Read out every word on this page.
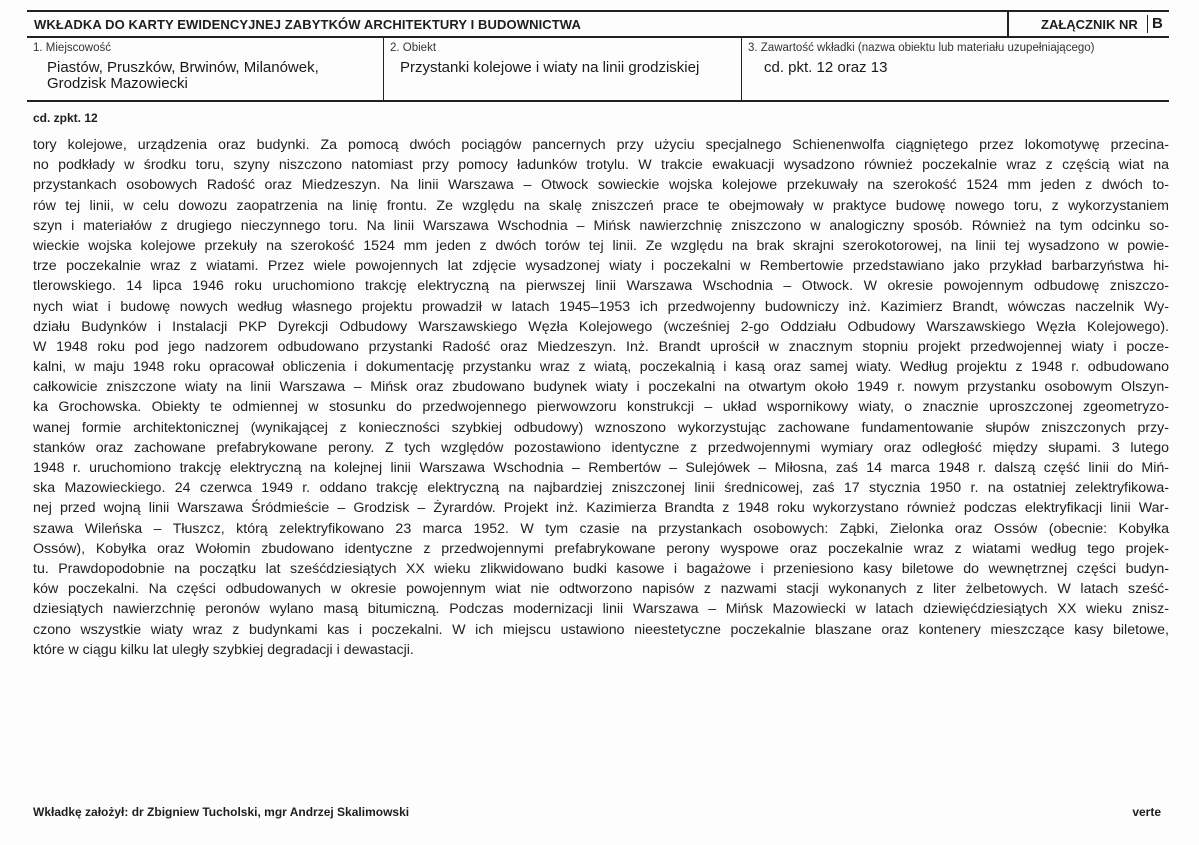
WKŁADKA DO KARTY EWIDENCYJNEJ ZABYTKÓW ARCHITEKTURY I BUDOWNICTWA	ZAŁĄCZNIK NR B
1. Miejscowość
Piastów, Pruszków, Brwinów, Milanówek,
Grodzisk Mazowiecki
2. Obiekt
Przystanki kolejowe i wiaty na linii grodziskiej
3. Zawartość wkładki (nazwa obiektu lub materiału uzupełniającego)
cd. pkt. 12 oraz 13
cd. zpkt. 12
tory kolejowe, urządzenia oraz budynki. Za pomocą dwóch pociągów pancernych przy użyciu specjalnego Schienenwolfa ciągniętego przez lokomotywę przecina-
no podkłady w środku toru, szyny niszczono natomiast przy pomocy ładunków trotylu. W trakcie ewakuacji wysadzono również poczekalnie wraz z częścią wiat na
przystankach osobowych Radość oraz Miedzeszyn. Na linii Warszawa – Otwock sowieckie wojska kolejowe przekuwały na szerokość 1524 mm jeden z dwóch to-
rów tej linii, w celu dowozu zaopatrzenia na linię frontu. Ze względu na skalę zniszczeń prace te obejmowały w praktyce budowę nowego toru, z wykorzystaniem
szyn i materiałów z drugiego nieczynnego toru. Na linii Warszawa Wschodnia – Mińsk nawierzchnię zniszczono w analogiczny sposób. Również na tym odcinku so-
wieckie wojska kolejowe przekuły na szerokość 1524 mm jeden z dwóch torów tej linii. Ze względu na brak skrajni szerokotorowej, na linii tej wysadzono w powie-
trze poczekalnie wraz z wiatami. Przez wiele powojennych lat zdjęcie wysadzonej wiaty i poczekalni w Rembertowie przedstawiano jako przykład barbarzyństwa hi-
tlerowskiego. 14 lipca 1946 roku uruchomiono trakcję elektryczną na pierwszej linii Warszawa Wschodnia – Otwock. W okresie powojennym odbudowę zniszczo-
nych wiat i budowę nowych według własnego projektu prowadził w latach 1945–1953 ich przedwojenny budowniczy inż. Kazimierz Brandt, wówczas naczelnik Wy-
działu Budynków i Instalacji PKP Dyrekcji Odbudowy Warszawskiego Węzła Kolejowego (wcześniej 2-go Oddziału Odbudowy Warszawskiego Węzła Kolejowego).
W 1948 roku pod jego nadzorem odbudowano przystanki Radość oraz Miedzeszyn. Inż. Brandt uprościł w znacznym stopniu projekt przedwojennej wiaty i pocze-
kalni, w maju 1948 roku opracował obliczenia i dokumentację przystanku wraz z wiatą, poczekalnią i kasą oraz samej wiaty. Według projektu z 1948 r. odbudowano
całkowicie zniszczone wiaty na linii Warszawa – Mińsk oraz zbudowano budynek wiaty i poczekalni na otwartym około 1949 r. nowym przystanku osobowym Olszyn-
ka Grochowska. Obiekty te odmiennej w stosunku do przedwojennego pierwowzoru konstrukcji – układ wspornikowy wiaty, o znacznie uproszczonej zgeometryzo-
wanej formie architektonicznej (wynikającej z konieczności szybkiej odbudowy) wznoszono wykorzystując zachowane fundamentowanie słupów zniszczonych przy-
stanków oraz zachowane prefabrykowane perony. Z tych względów pozostawiono identyczne z przedwojennymi wymiary oraz odległość między słupami. 3 lutego
1948 r. uruchomiono trakcję elektryczną na kolejnej linii Warszawa Wschodnia – Rembertów – Sulejówek – Miłosna, zaś 14 marca 1948 r. dalszą część linii do Miń-
ska Mazowieckiego. 24 czerwca 1949 r. oddano trakcję elektryczną na najbardziej zniszczonej linii średnicowej, zaś 17 stycznia 1950 r. na ostatniej zelektryfikowa-
nej przed wojną linii Warszawa Śródmieście – Grodzisk – Żyrardów. Projekt inż. Kazimierza Brandta z 1948 roku wykorzystano również podczas elektryfikacji linii War-
szawa Wileńska – Tłuszcz, którą zelektryfikowano 23 marca 1952. W tym czasie na przystankach osobowych: Ząbki, Zielonka oraz Ossów (obecnie: Kobyłka
Ossów), Kobyłka oraz Wołomin zbudowano identyczne z przedwojennymi prefabrykowane perony wyspowe oraz poczekalnie wraz z wiatami według tego projek-
tu. Prawdopodobnie na początku lat sześćdziesiątych XX wieku zlikwidowano budki kasowe i bagażowe i przeniesiono kasy biletowe do wewnętrznej części budyn-
ków poczekalni. Na części odbudowanych w okresie powojennym wiat nie odtworzono napisów z nazwami stacji wykonanych z liter żelbetowych. W latach sześć-
dziesiątych nawierzchnię peronów wylano masą bitumiczną. Podczas modernizacji linii Warszawa – Mińsk Mazowiecki w latach dziewięćdziesiątych XX wieku znisz-
czono wszystkie wiaty wraz z budynkami kas i poczekalni. W ich miejscu ustawiono nieestetyczne poczekalnie blaszane oraz kontenery mieszczące kasy biletowe,
które w ciągu kilku lat uległy szybkiej degradacji i dewastacji.
Wkładkę założył: dr Zbigniew Tucholski, mgr Andrzej Skalimowski	verte
